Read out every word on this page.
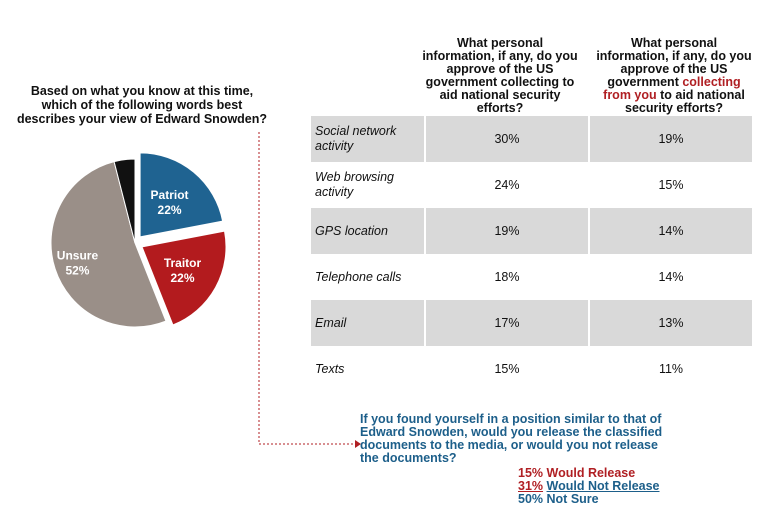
Based on what you know at this time, which of the following words best describes your view of Edward Snowden?
Patriot
22%
Traitor
22%
Unsure
52%
What personal information, if any, do you approve of the US government collecting to aid national security efforts?
What personal information, if any, do you approve of the US government collecting from you to aid national security efforts?
Social network activity	30%	19%
Web browsing activity	24%	15%
GPS location	19%	14%
Telephone calls	18%	14%
Email	17%	13%
Texts	15%	11%
If you found yourself in a position similar to that of Edward Snowden, would you release the classified documents to the media, or would you not release the documents?
15% Would Release
31% Would Not Release
50% Not Sure
